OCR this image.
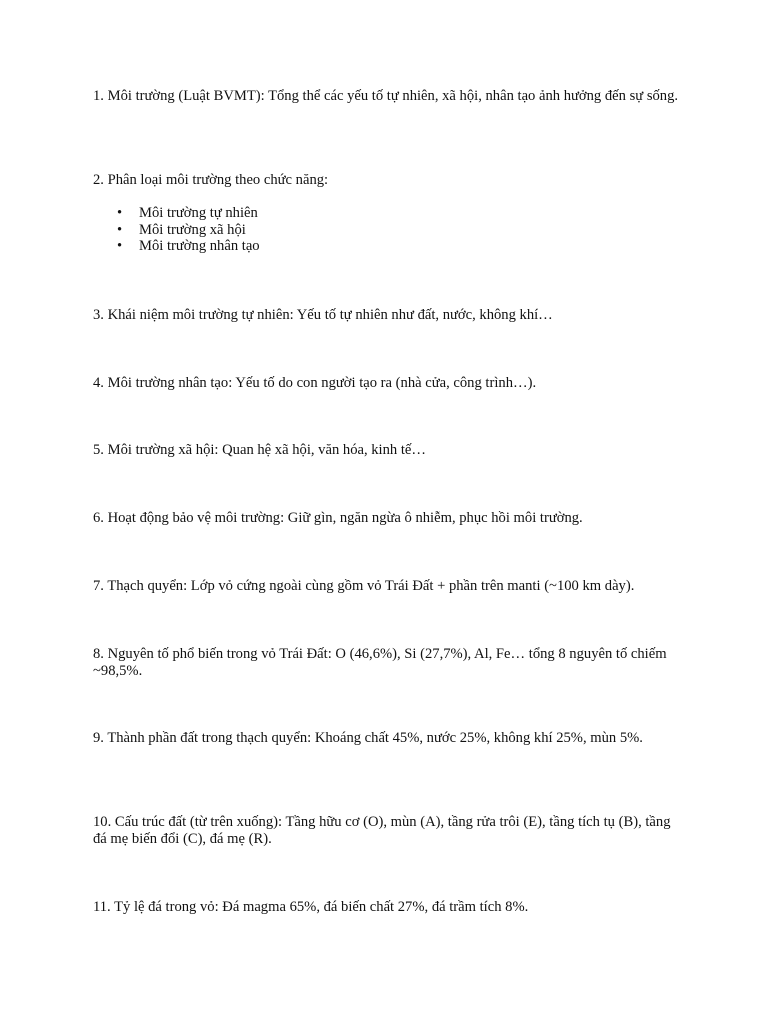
1. Môi trường (Luật BVMT): Tổng thể các yếu tố tự nhiên, xã hội, nhân tạo ảnh hưởng đến sự sống.

2. Phân loại môi trường theo chức năng:

• Môi trường tự nhiên
• Môi trường xã hội
• Môi trường nhân tạo

3. Khái niệm môi trường tự nhiên: Yếu tố tự nhiên như đất, nước, không khí…

4. Môi trường nhân tạo: Yếu tố do con người tạo ra (nhà cửa, công trình…).

5. Môi trường xã hội: Quan hệ xã hội, văn hóa, kinh tế…

6. Hoạt động bảo vệ môi trường: Giữ gìn, ngăn ngừa ô nhiễm, phục hồi môi trường.

7. Thạch quyển: Lớp vỏ cứng ngoài cùng gồm vỏ Trái Đất + phần trên manti (~100 km dày).

8. Nguyên tố phổ biến trong vỏ Trái Đất: O (46,6%), Si (27,7%), Al, Fe… tổng 8 nguyên tố chiếm ~98,5%.

9. Thành phần đất trong thạch quyển: Khoáng chất 45%, nước 25%, không khí 25%, mùn 5%.

10. Cấu trúc đất (từ trên xuống): Tầng hữu cơ (O), mùn (A), tầng rửa trôi (E), tầng tích tụ (B), tầng đá mẹ biến đổi (C), đá mẹ (R).

11. Tỷ lệ đá trong vỏ: Đá magma 65%, đá biến chất 27%, đá trầm tích 8%.
